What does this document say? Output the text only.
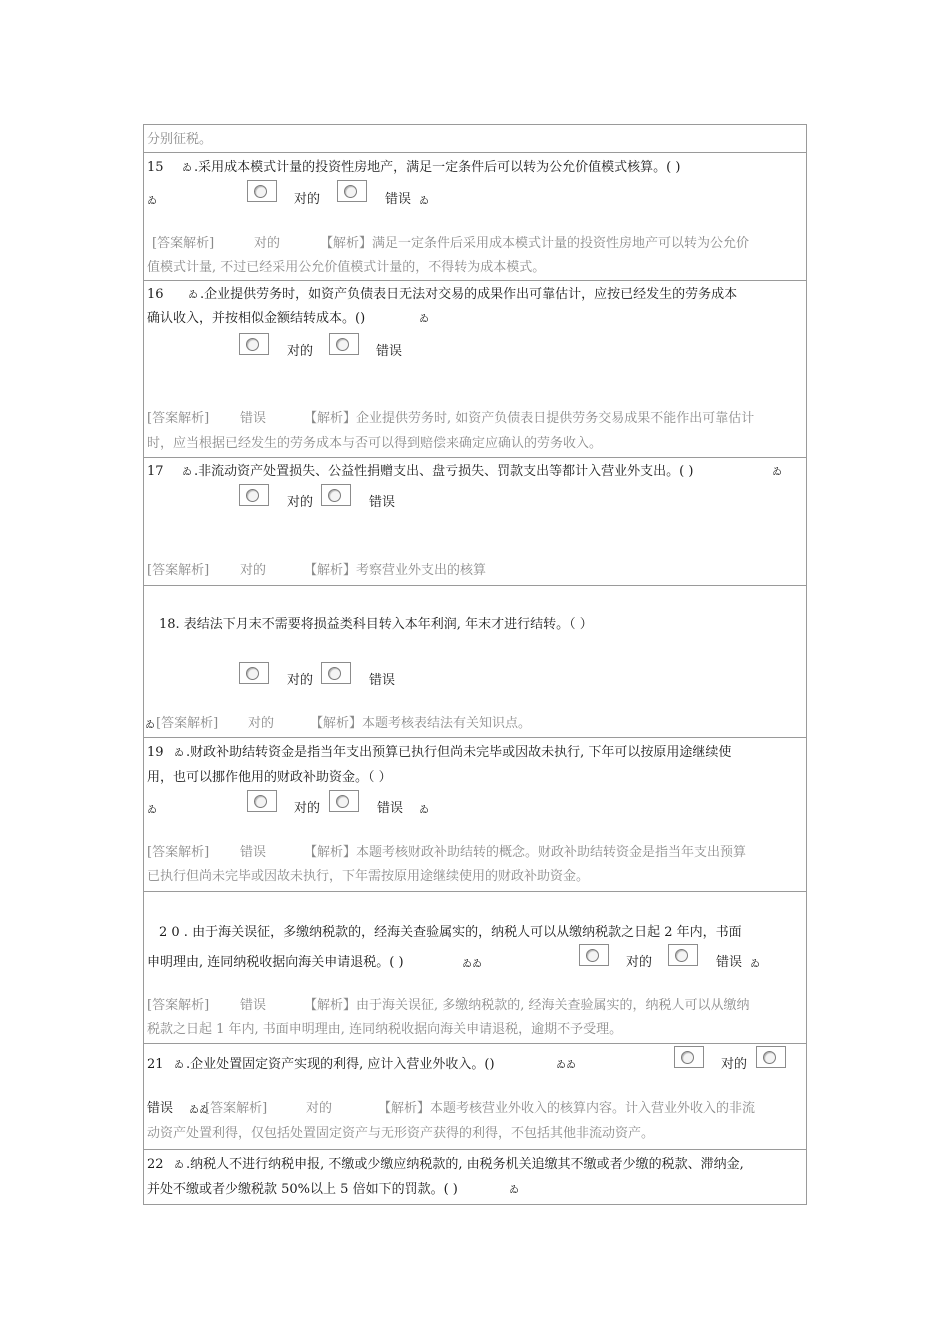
分别征税。
15 ゐ .采用成本模式计量的投资性房地产，满足一定条件后可以转为公允价值模式核算。( )
ゐ	对的	错误 ゐ
[答案解析]	对的	【解析】满足一定条件后采用成本模式计量的投资性房地产可以转为公允价
值模式计量, 不过已经采用公允价值模式计量的，不得转为成本模式。
16 ゐ .企业提供劳务时，如资产负债表日无法对交易的成果作出可靠估计，应按已经发生的劳务成本
确认收入，并按相似金额结转成本。()	ゐ
对的	错误
[答案解析] 错误	【解析】企业提供劳务时, 如资产负债表日提供劳务交易成果不能作出可靠估计
时，应当根据已经发生的劳务成本与否可以得到赔偿来确定应确认的劳务收入。
17 ゐ .非流动资产处置损失、公益性捐赠支出、盘亏损失、罚款支出等都计入营业外支出。( )	ゐ
对的	错误
[答案解析] 对的	【解析】考察营业外支出的核算
18. 表结法下月末不需要将损益类科目转入本年利润, 年末才进行结转。（ ）
对的	错误
ゐ [答案解析] 对的	【解析】本题考核表结法有关知识点。
19 ゐ .财政补助结转资金是指当年支出预算已执行但尚未完毕或因故未执行, 下年可以按原用途继续使
用，也可以挪作他用的财政补助资金。（ ）
ゐ	对的	错误 ゐ
[答案解析] 错误	【解析】本题考核财政补助结转的概念。财政补助结转资金是指当年支出预算
已执行但尚未完毕或因故未执行，下年需按原用途继续使用的财政补助资金。
2 0 . 由于海关误征，多缴纳税款的，经海关查验属实的，纳税人可以从缴纳税款之日起 2 年内，书面
申明理由, 连同纳税收据向海关申请退税。( )	ゐゐ	对的	错误 ゐ
[答案解析] 错误	【解析】由于海关误征, 多缴纳税款的, 经海关查验属实的，纳税人可以从缴纳
税款之日起 1 年内, 书面申明理由, 连同纳税收据向海关申请退税，逾期不予受理。
21 ゐ .企业处置固定资产实现的利得, 应计入营业外收入。()	ゐゐ	对的
错误 ゐゐ
[答案解析]	对的	【解析】本题考核营业外收入的核算内容。计入营业外收入的非流
动资产处置利得，仅包括处置固定资产与无形资产获得的利得，不包括其他非流动资产。
22 ゐ .纳税人不进行纳税申报, 不缴或少缴应纳税款的, 由税务机关追缴其不缴或者少缴的税款、滞纳金,
并处不缴或者少缴税款 50%以上 5 倍如下的罚款。( )	ゐ
